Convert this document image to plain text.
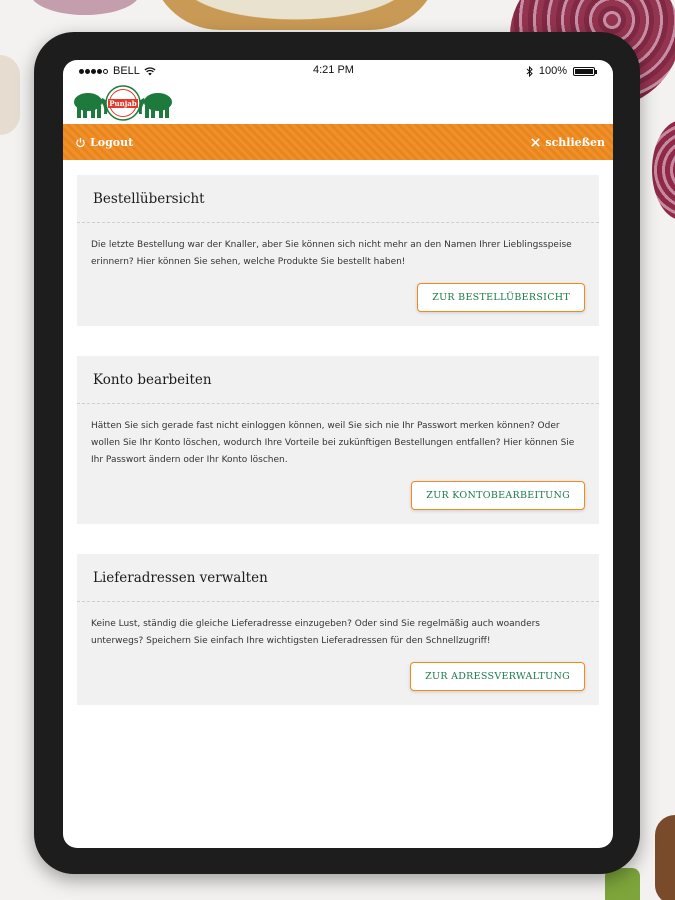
BELL	4:21 PM	100%
Punjab
Logout	schließen
Bestellübersicht

Die letzte Bestellung war der Knaller, aber Sie können sich nicht mehr an den Namen Ihrer Lieblingsspeise erinnern? Hier können Sie sehen, welche Produkte Sie bestellt haben!

ZUR BESTELLÜBERSICHT
Konto bearbeiten

Hätten Sie sich gerade fast nicht einloggen können, weil Sie sich nie Ihr Passwort merken können? Oder wollen Sie Ihr Konto löschen, wodurch Ihre Vorteile bei zukünftigen Bestellungen entfallen? Hier können Sie Ihr Passwort ändern oder Ihr Konto löschen.

ZUR KONTOBEARBEITUNG
Lieferadressen verwalten

Keine Lust, ständig die gleiche Lieferadresse einzugeben? Oder sind Sie regelmäßig auch woanders unterwegs? Speichern Sie einfach Ihre wichtigsten Lieferadressen für den Schnellzugriff!

ZUR ADRESSVERWALTUNG
